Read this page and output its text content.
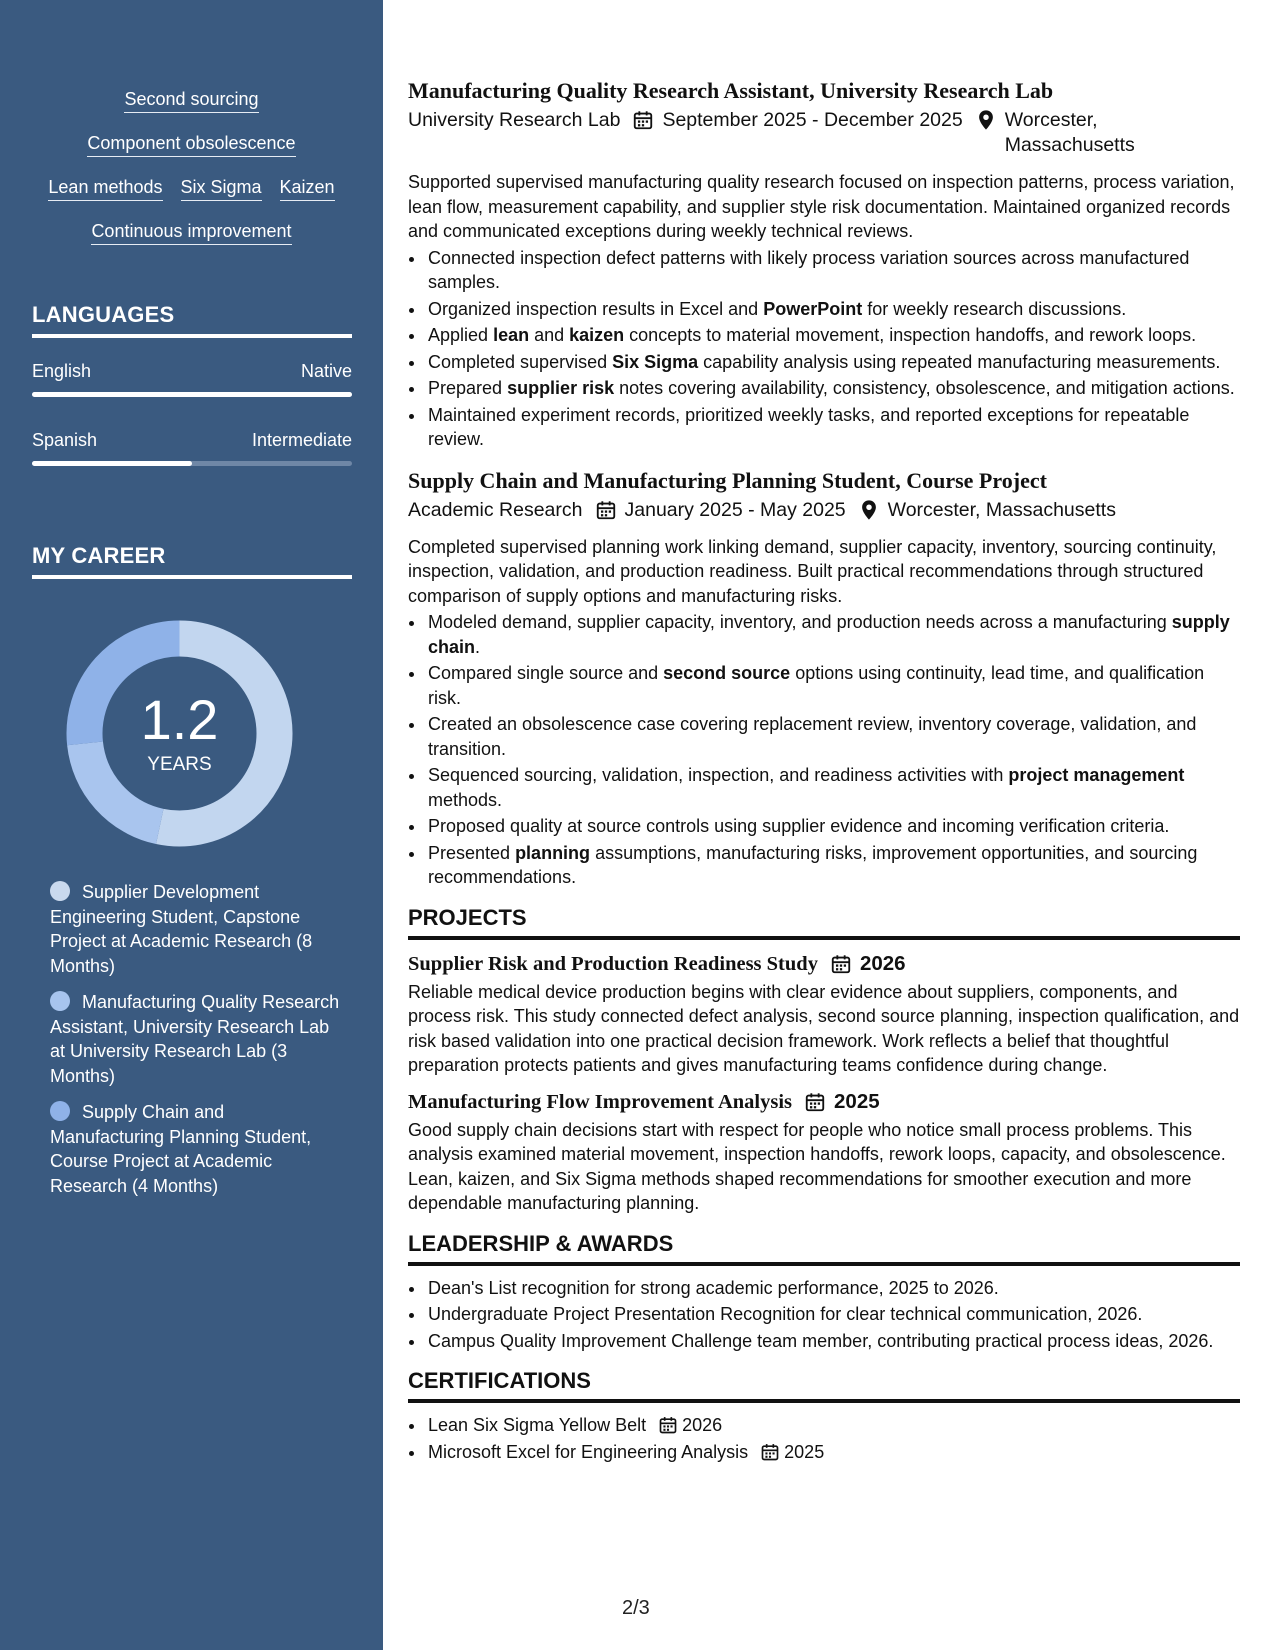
Second sourcing
Component obsolescence
Lean methods Six Sigma Kaizen
Continuous improvement
LANGUAGES
English	Native
Spanish	Intermediate
MY CAREER
1.2
YEARS
Supplier Development Engineering Student, Capstone Project at Academic Research (8 Months)
Manufacturing Quality Research Assistant, University Research Lab at University Research Lab (3 Months)
Supply Chain and Manufacturing Planning Student, Course Project at Academic Research (4 Months)
Manufacturing Quality Research Assistant, University Research Lab
University Research Lab September 2025 - December 2025 Worcester,
Massachusetts
Supported supervised manufacturing quality research focused on inspection patterns, process variation, lean flow, measurement capability, and supplier style risk documentation. Maintained organized records and communicated exceptions during weekly technical reviews.
• Connected inspection defect patterns with likely process variation sources across manufactured samples.
• Organized inspection results in Excel and PowerPoint for weekly research discussions.
• Applied lean and kaizen concepts to material movement, inspection handoffs, and rework loops.
• Completed supervised Six Sigma capability analysis using repeated manufacturing measurements.
• Prepared supplier risk notes covering availability, consistency, obsolescence, and mitigation actions.
• Maintained experiment records, prioritized weekly tasks, and reported exceptions for repeatable review.
Supply Chain and Manufacturing Planning Student, Course Project
Academic Research January 2025 - May 2025 Worcester, Massachusetts
Completed supervised planning work linking demand, supplier capacity, inventory, sourcing continuity, inspection, validation, and production readiness. Built practical recommendations through structured comparison of supply options and manufacturing risks.
• Modeled demand, supplier capacity, inventory, and production needs across a manufacturing supply chain.
• Compared single source and second source options using continuity, lead time, and qualification risk.
• Created an obsolescence case covering replacement review, inventory coverage, validation, and transition.
• Sequenced sourcing, validation, inspection, and readiness activities with project management methods.
• Proposed quality at source controls using supplier evidence and incoming verification criteria.
• Presented planning assumptions, manufacturing risks, improvement opportunities, and sourcing recommendations.
PROJECTS
Supplier Risk and Production Readiness Study 2026
Reliable medical device production begins with clear evidence about suppliers, components, and process risk. This study connected defect analysis, second source planning, inspection qualification, and risk based validation into one practical decision framework. Work reflects a belief that thoughtful preparation protects patients and gives manufacturing teams confidence during change.
Manufacturing Flow Improvement Analysis 2025
Good supply chain decisions start with respect for people who notice small process problems. This analysis examined material movement, inspection handoffs, rework loops, capacity, and obsolescence. Lean, kaizen, and Six Sigma methods shaped recommendations for smoother execution and more dependable manufacturing planning.
LEADERSHIP & AWARDS
• Dean's List recognition for strong academic performance, 2025 to 2026.
• Undergraduate Project Presentation Recognition for clear technical communication, 2026.
• Campus Quality Improvement Challenge team member, contributing practical process ideas, 2026.
CERTIFICATIONS
• Lean Six Sigma Yellow Belt 2026
• Microsoft Excel for Engineering Analysis 2025
2/3
